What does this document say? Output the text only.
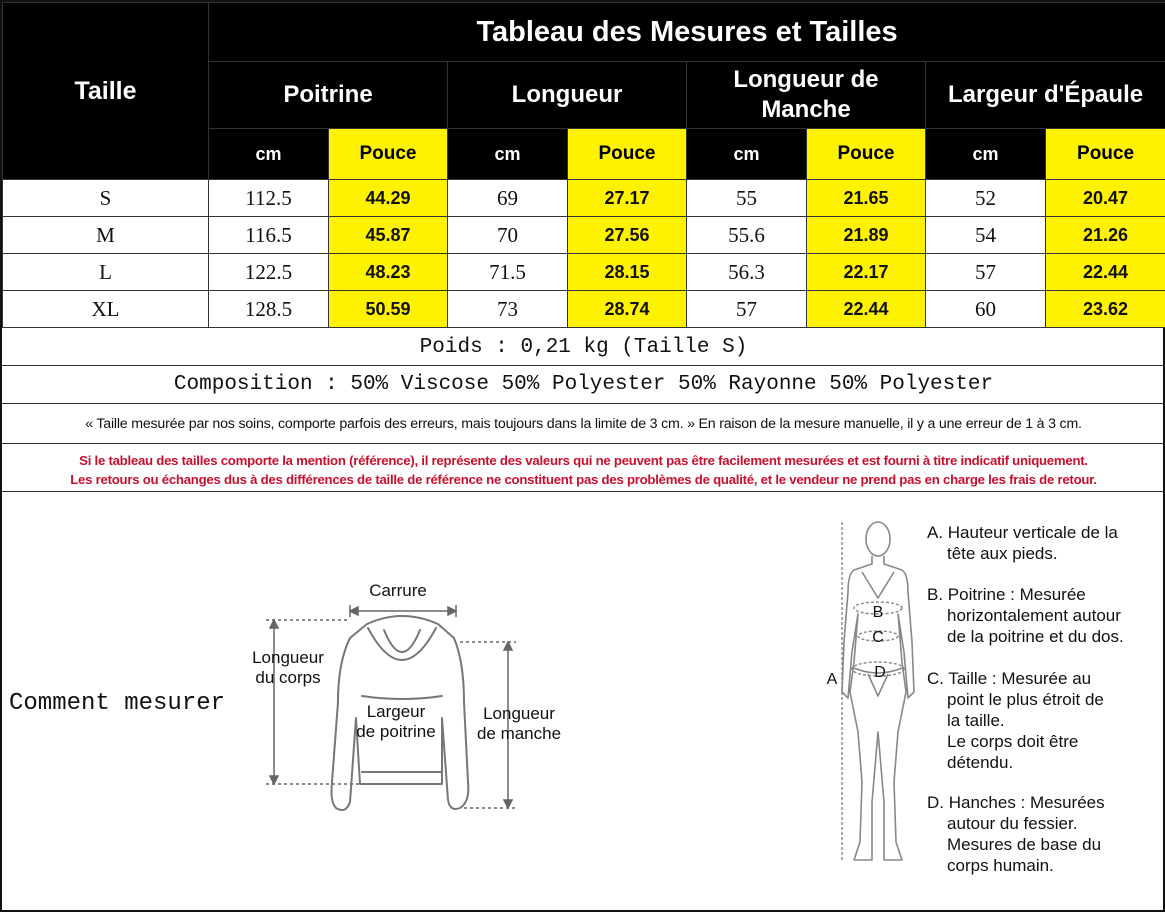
Taille	Tableau des Mesures et Tailles							
	Poitrine		Longueur		Longueur de Manche		Largeur d'Épaule	
	cm	Pouce	cm	Pouce	cm	Pouce	cm	Pouce
S	112.5	44.29	69	27.17	55	21.65	52	20.47
M	116.5	45.87	70	27.56	55.6	21.89	54	21.26
L	122.5	48.23	71.5	28.15	56.3	22.17	57	22.44
XL	128.5	50.59	73	28.74	57	22.44	60	23.62
Poids : 0,21 kg (Taille S)
Composition : 50% Viscose 50% Polyester 50% Rayonne 50% Polyester
« Taille mesurée par nos soins, comporte parfois des erreurs, mais toujours dans la limite de 3 cm. » En raison de la mesure manuelle, il y a une erreur de 1 à 3 cm.
Si le tableau des tailles comporte la mention (référence), il représente des valeurs qui ne peuvent pas être facilement mesurées et est fourni à titre indicatif uniquement.
Les retours ou échanges dus à des différences de taille de référence ne constituent pas des problèmes de qualité, et le vendeur ne prend pas en charge les frais de retour.
A
B
C
D
Comment mesurer
Carrure
Longueur
du corps
Largeur
de poitrine
Longueur
de manche
A. Hauteur verticale de la
tête aux pieds.
B. Poitrine : Mesurée
horizontalement autour
de la poitrine et du dos.
C. Taille : Mesurée au
point le plus étroit de
la taille.
Le corps doit être
détendu.
D. Hanches : Mesurées
autour du fessier.
Mesures de base du
corps humain.
